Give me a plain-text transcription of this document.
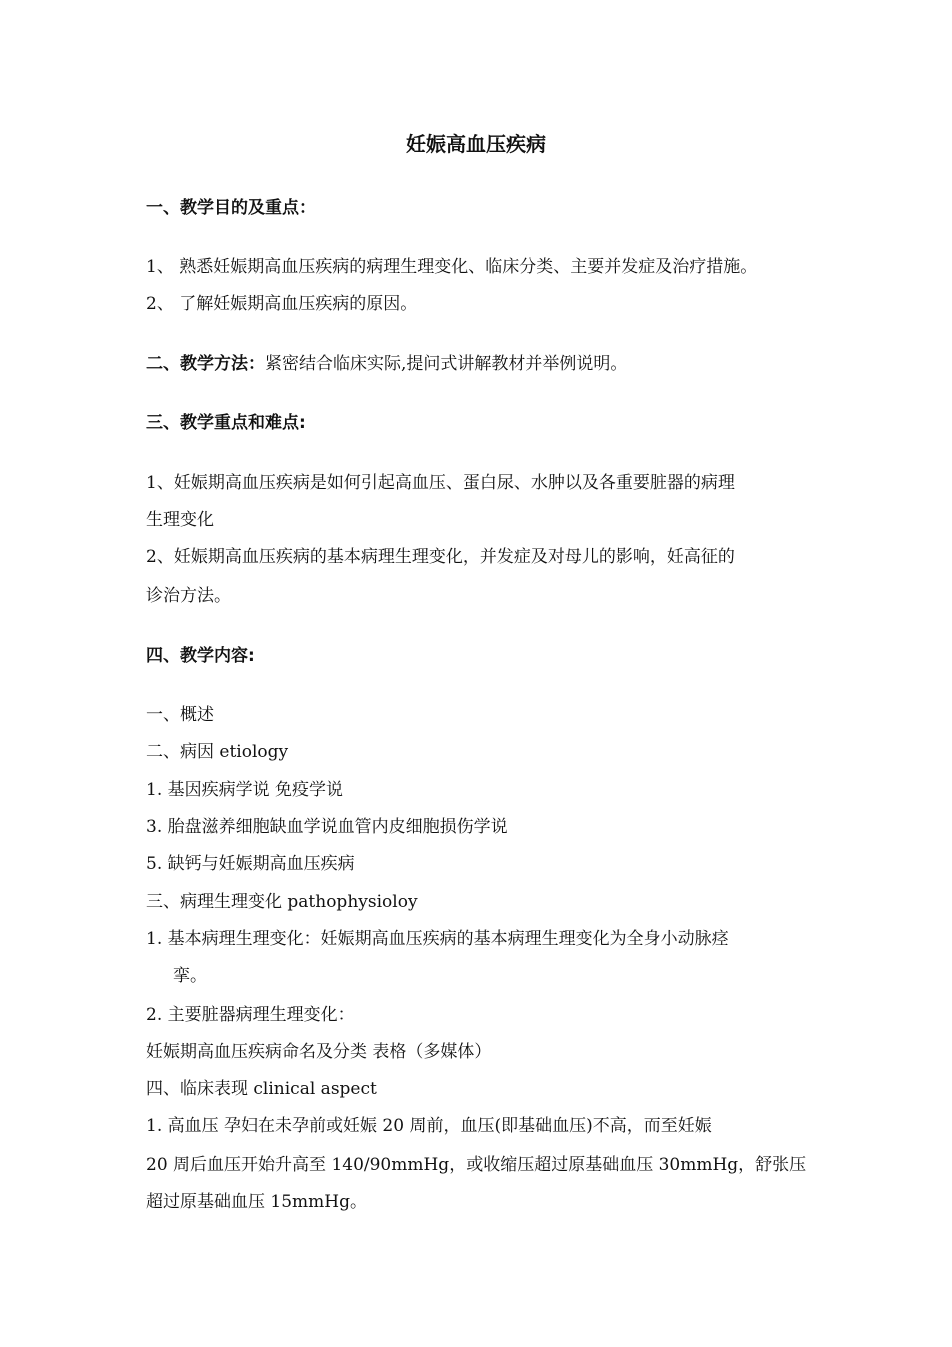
妊娠高血压疾病
一、教学目的及重点：
1、 熟悉妊娠期高血压疾病的病理生理变化、临床分类、主要并发症及治疗措施。
2、 了解妊娠期高血压疾病的原因。
二、教学方法：紧密结合临床实际,提问式讲解教材并举例说明。
三、教学重点和难点:
1、妊娠期高血压疾病是如何引起高血压、蛋白尿、水肿以及各重要脏器的病理
生理变化
2、妊娠期高血压疾病的基本病理生理变化，并发症及对母儿的影响，妊高征的
诊治方法。
四、教学内容:
一、概述
二、病因 etiology
1. 基因疾病学说 免疫学说
3. 胎盘滋养细胞缺血学说血管内皮细胞损伤学说
5. 缺钙与妊娠期高血压疾病
三、病理生理变化 pathophysioloy
1. 基本病理生理变化：妊娠期高血压疾病的基本病理生理变化为全身小动脉痉
挛。
2. 主要脏器病理生理变化：
妊娠期高血压疾病命名及分类 表格（多媒体）
四、临床表现 clinical aspect
1. 高血压 孕妇在未孕前或妊娠 20 周前，血压(即基础血压)不高，而至妊娠
20 周后血压开始升高至 140/90mmHg，或收缩压超过原基础血压 30mmHg，舒张压
超过原基础血压 15mmHg。
